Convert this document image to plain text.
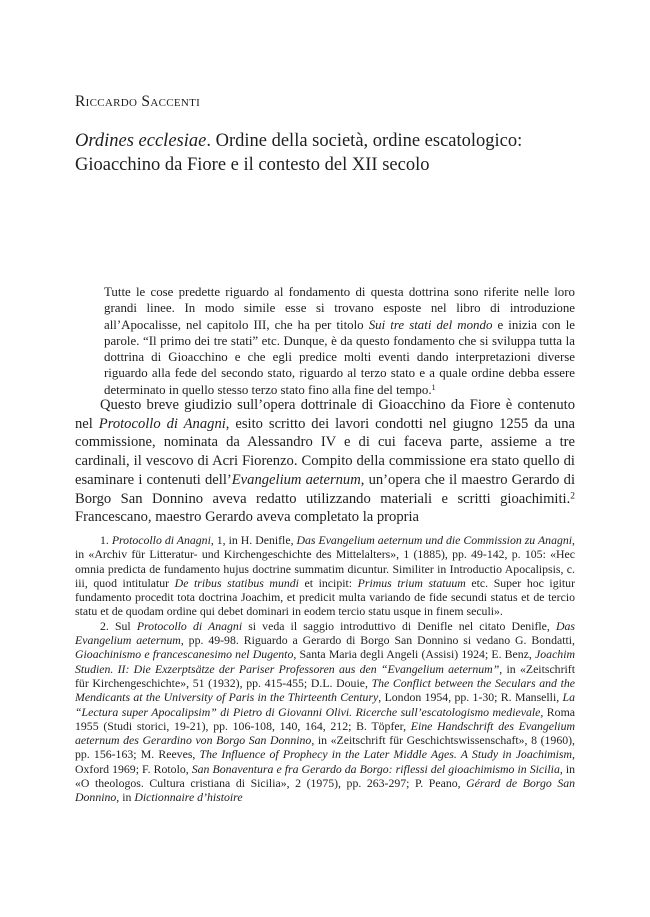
Riccardo Saccenti
Ordines ecclesiae. Ordine della società, ordine escatologico: Gioacchino da Fiore e il contesto del XII secolo

Tutte le cose predette riguardo al fondamento di questa dottrina sono riferite nelle loro grandi linee. In modo simile esse si trovano esposte nel libro di introduzione all’Apocalisse, nel capitolo III, che ha per titolo Sui tre stati del mondo e inizia con le parole. “Il primo dei tre stati” etc. Dunque, è da questo fondamento che si sviluppa tutta la dottrina di Gioacchino e che egli predice molti eventi dando interpretazioni diverse riguardo alla fede del secondo stato, riguardo al terzo stato e a quale ordine debba essere determinato in quello stesso terzo stato fino alla fine del tempo.$^1$

Questo breve giudizio sull’opera dottrinale di Gioacchino da Fiore è contenuto nel Protocollo di Anagni, esito scritto dei lavori condotti nel giugno 1255 da una commissione, nominata da Alessandro IV e di cui faceva parte, assieme a tre cardinali, il vescovo di Acri Fiorenzo. Compito della commissione era stato quello di esaminare i contenuti dell’Evangelium aeternum, un’opera che il maestro Gerardo di Borgo San Donnino aveva redatto utilizzando materiali e scritti gioachimiti.$^2$ Francescano, maestro Gerardo aveva completato la propria

1. Protocollo di Anagni, 1, in H. Denifle, Das Evangelium aeternum und die Commission zu Anagni, in «Archiv für Litteratur- und Kirchengeschichte des Mittelalters», 1 (1885), pp. 49-142, p. 105: «Hec omnia predicta de fundamento hujus doctrine summatim dicuntur. Similiter in Introductio Apocalipsis, c. iii, quod intitulatur De tribus statibus mundi et incipit: Primus trium statuum etc. Super hoc igitur fundamento procedit tota doctrina Joachim, et predicit multa variando de fide secundi status et de tercio statu et de quodam ordine qui debet dominari in eodem tercio statu usque in finem seculi».

2. Sul Protocollo di Anagni si veda il saggio introduttivo di Denifle nel citato Denifle, Das Evangelium aeternum, pp. 49-98. Riguardo a Gerardo di Borgo San Donnino si vedano G. Bondatti, Gioachinismo e francescanesimo nel Dugento, Santa Maria degli Angeli (Assisi) 1924; E. Benz, Joachim Studien. II: Die Exzerptsätze der Pariser Professoren aus den “Evangelium aeternum”, in «Zeitschrift für Kirchengeschichte», 51 (1932), pp. 415-455; D.L. Douie, The Conflict between the Seculars and the Mendicants at the University of Paris in the Thirteenth Century, London 1954, pp. 1-30; R. Manselli, La “Lectura super Apocalipsim” di Pietro di Giovanni Olivi. Ricerche sull’escatologismo medievale, Roma 1955 (Studi storici, 19-21), pp. 106-108, 140, 164, 212; B. Töpfer, Eine Handschrift des Evangelium aeternum des Gerardino von Borgo San Donnino, in «Zeitschrift für Geschichtswissenschaft», 8 (1960), pp. 156-163; M. Reeves, The Influence of Prophecy in the Later Middle Ages. A Study in Joachimism, Oxford 1969; F. Rotolo, San Bonaventura e fra Gerardo da Borgo: riflessi del gioachimismo in Sicilia, in «O theologos. Cultura cristiana di Sicilia», 2 (1975), pp. 263-297; P. Peano, Gérard de Borgo San Donnino, in Dictionnaire d’histoire
